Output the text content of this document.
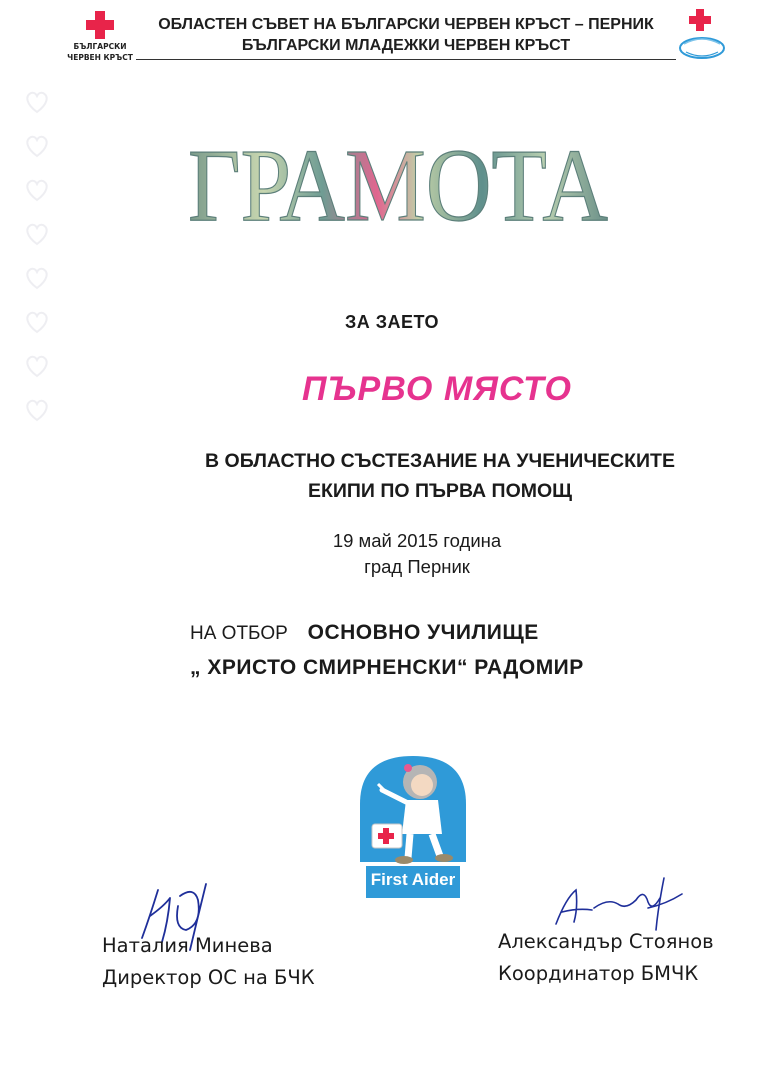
БЪЛГАРСКИ
ЧЕРВЕН КРЪСТ
ОБЛАСТЕН СЪВЕТ НА БЪЛГАРСКИ ЧЕРВЕН КРЪСТ – ПЕРНИК
БЪЛГАРСКИ МЛАДЕЖКИ ЧЕРВЕН КРЪСТ
ГРАМОТА
ЗА ЗАЕТО
ПЪРВО МЯСТО
В ОБЛАСТНО СЪСТЕЗАНИЕ НА УЧЕНИЧЕСКИТЕ
ЕКИПИ ПО ПЪРВА ПОМОЩ
19 май 2015 година
град Перник
НА ОТБОР ОСНОВНО УЧИЛИЩЕ
„ ХРИСТО СМИРНЕНСКИ“ РАДОМИР
First Aider
Наталия Минева
Директор ОС на БЧК
Александър Стоянов
Координатор БМЧК
